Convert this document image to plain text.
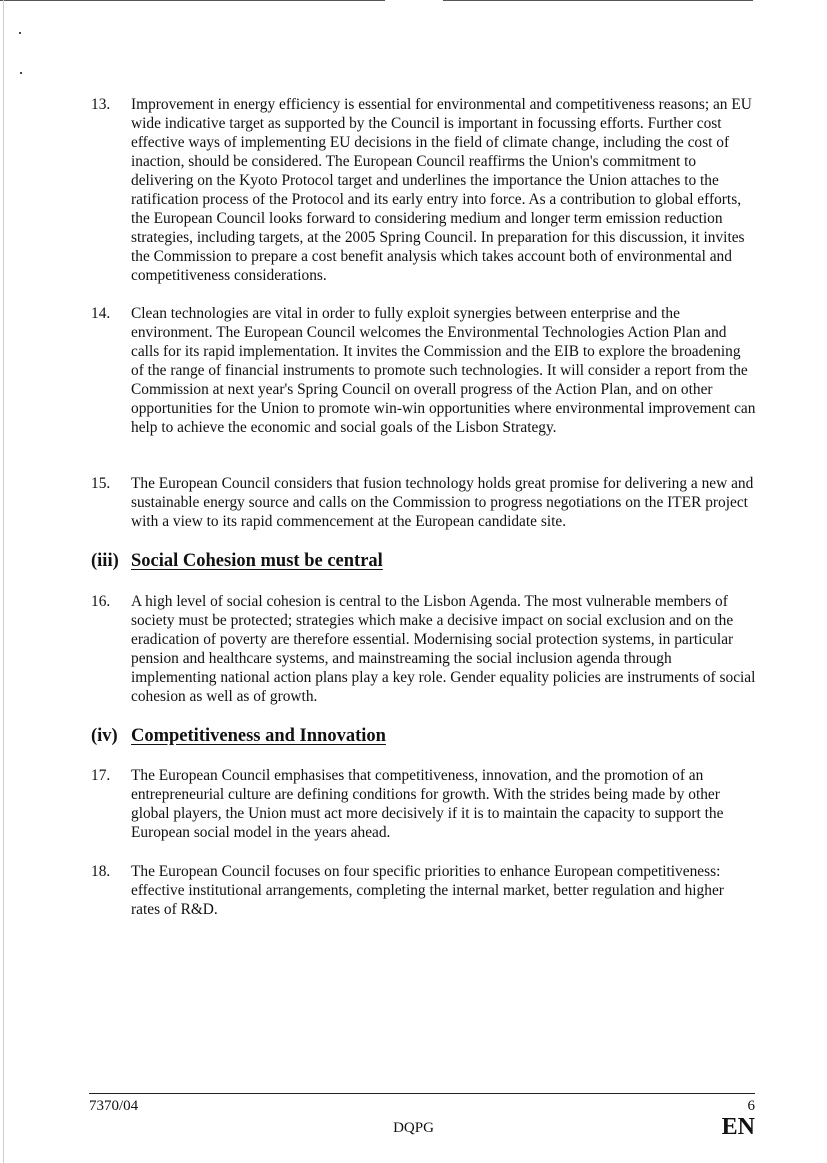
13.	Improvement in energy efficiency is essential for environmental and competitiveness reasons; an EU wide indicative target as supported by the Council is important in focussing efforts. Further cost effective ways of implementing EU decisions in the field of climate change, including the cost of inaction, should be considered. The European Council reaffirms the Union's commitment to delivering on the Kyoto Protocol target and underlines the importance the Union attaches to the ratification process of the Protocol and its early entry into force. As a contribution to global efforts, the European Council looks forward to considering medium and longer term emission reduction strategies, including targets, at the 2005 Spring Council. In preparation for this discussion, it invites the Commission to prepare a cost benefit analysis which takes account both of environmental and competitiveness considerations.
14.	Clean technologies are vital in order to fully exploit synergies between enterprise and the environment. The European Council welcomes the Environmental Technologies Action Plan and calls for its rapid implementation. It invites the Commission and the EIB to explore the broadening of the range of financial instruments to promote such technologies. It will consider a report from the Commission at next year's Spring Council on overall progress of the Action Plan, and on other opportunities for the Union to promote win-win opportunities where environmental improvement can help to achieve the economic and social goals of the Lisbon Strategy.
15.	The European Council considers that fusion technology holds great promise for delivering a new and sustainable energy source and calls on the Commission to progress negotiations on the ITER project with a view to its rapid commencement at the European candidate site.
(iii) Social Cohesion must be central
16.	A high level of social cohesion is central to the Lisbon Agenda. The most vulnerable members of society must be protected; strategies which make a decisive impact on social exclusion and on the eradication of poverty are therefore essential. Modernising social protection systems, in particular pension and healthcare systems, and mainstreaming the social inclusion agenda through implementing national action plans play a key role. Gender equality policies are instruments of social cohesion as well as of growth.
(iv) Competitiveness and Innovation
17.	The European Council emphasises that competitiveness, innovation, and the promotion of an entrepreneurial culture are defining conditions for growth. With the strides being made by other global players, the Union must act more decisively if it is to maintain the capacity to support the European social model in the years ahead.
18.	The European Council focuses on four specific priorities to enhance European competitiveness: effective institutional arrangements, completing the internal market, better regulation and higher rates of R&D.
7370/04	6
DQPG	EN
